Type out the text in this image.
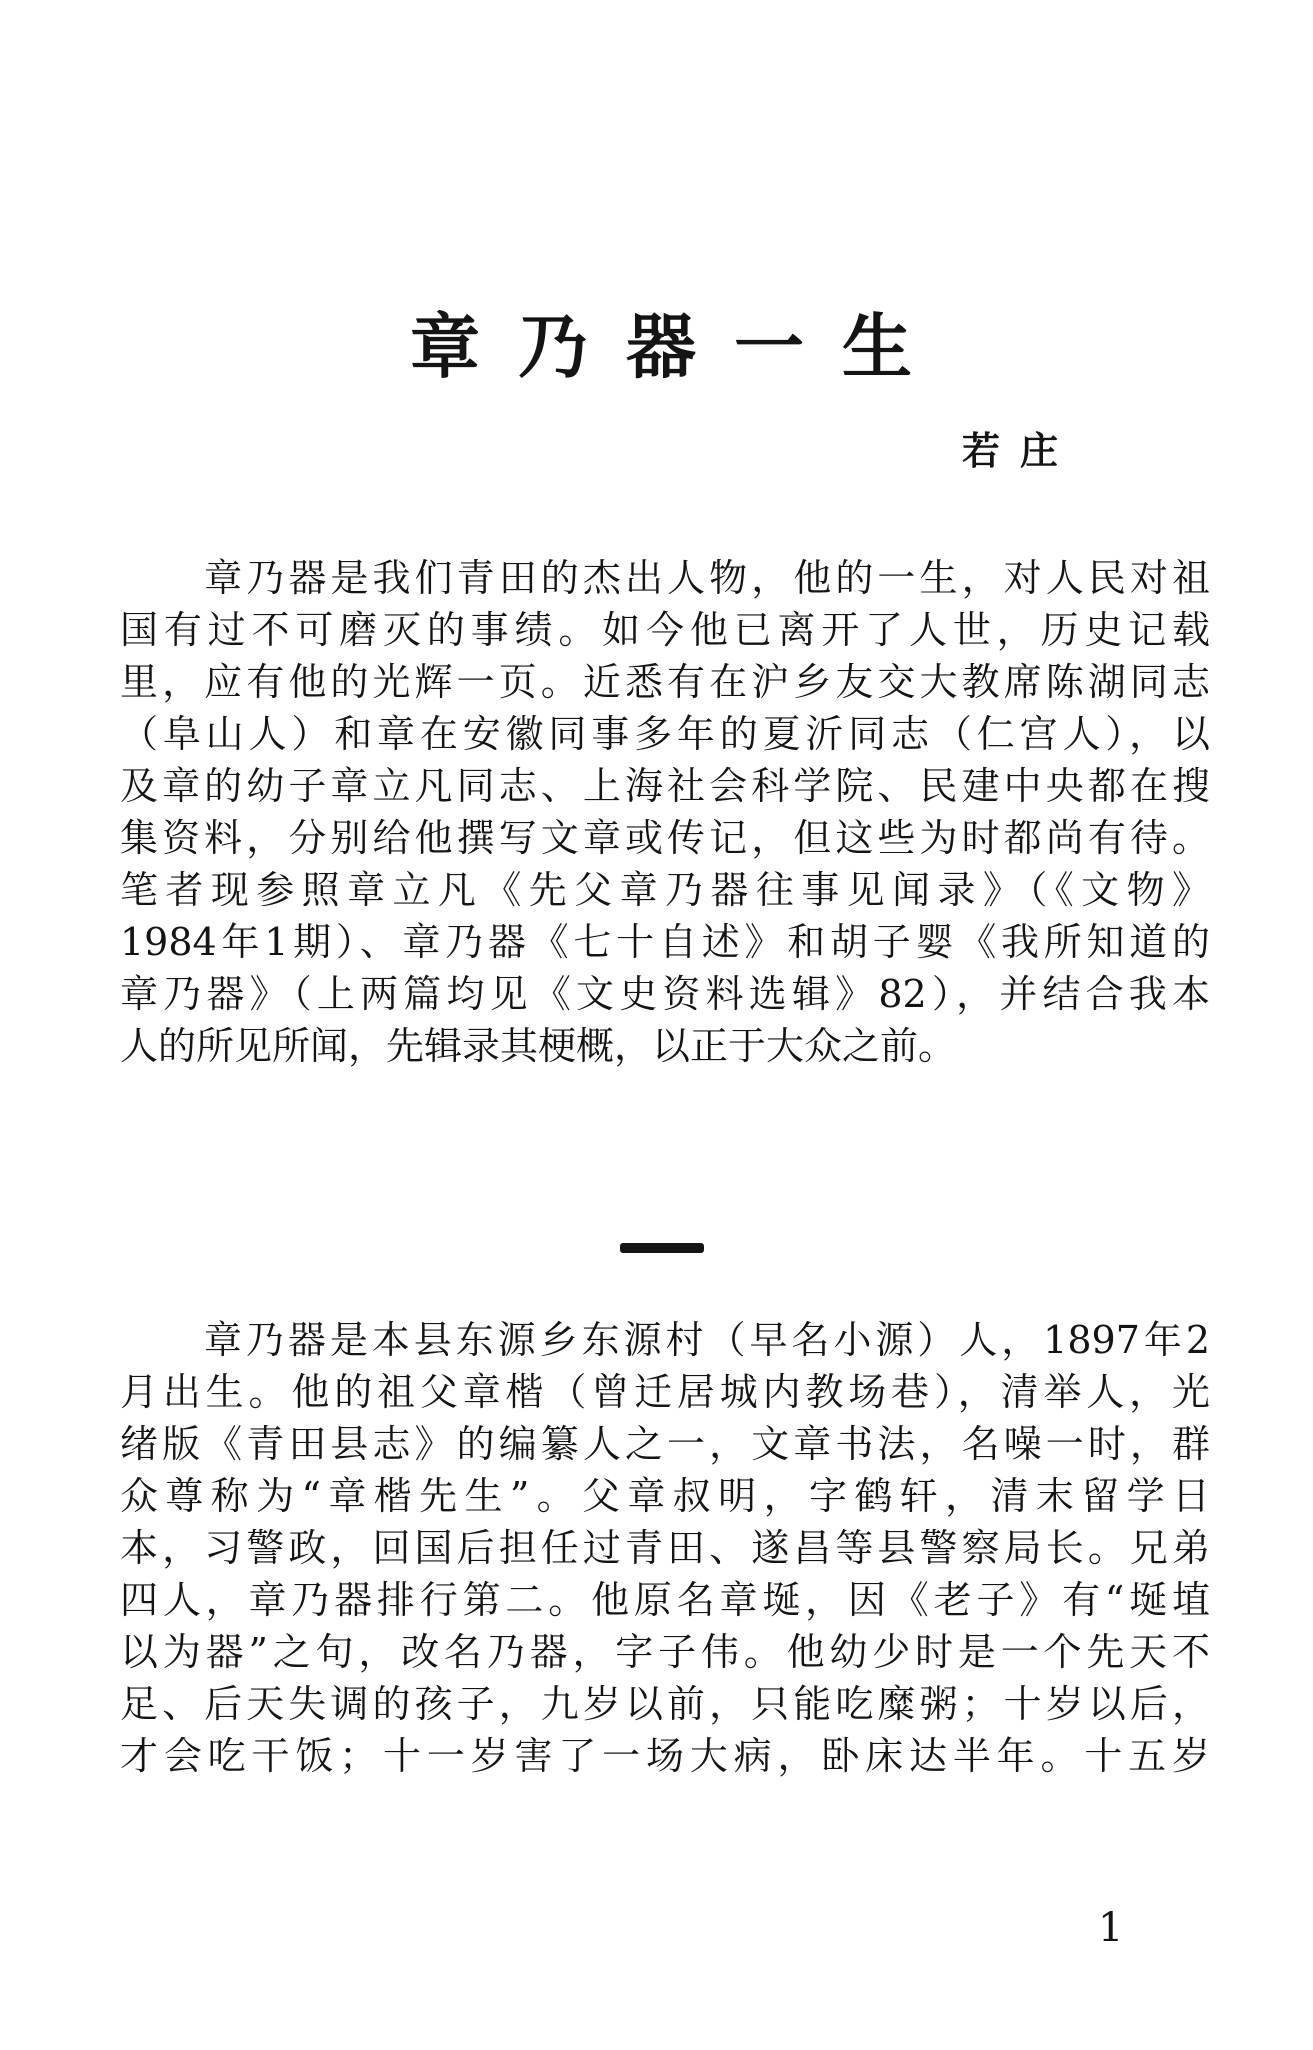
章乃器一生
若庄
　　章乃器是我们青田的杰出人物，他的一生，对人民对祖
国有过不可磨灭的事绩。如今他已离开了人世，历史记载
里，应有他的光辉一页。近悉有在沪乡友交大教席陈湖同志
（阜山人）和章在安徽同事多年的夏沂同志（仁宫人），以
及章的幼子章立凡同志、上海社会科学院、民建中央都在搜
集资料，分别给他撰写文章或传记，但这些为时都尚有待。
笔者现参照章立凡《先父章乃器往事见闻录》（《文物》
1984年1期）、章乃器《七十自述》和胡子婴《我所知道的
章乃器》（上两篇均见《文史资料选辑》82），并结合我本
人的所见所闻，先辑录其梗概，以正于大众之前。
　　章乃器是本县东源乡东源村（早名小源）人，1897年2
月出生。他的祖父章楷（曾迁居城内教场巷），清举人，光
绪版《青田县志》的编纂人之一，文章书法，名噪一时，群
众尊称为“章楷先生”。父章叔明，字鹤轩，清末留学日
本，习警政，回国后担任过青田、遂昌等县警察局长。兄弟
四人，章乃器排行第二。他原名章埏，因《老子》有“埏埴
以为器”之句，改名乃器，字子伟。他幼少时是一个先天不
足、后天失调的孩子，九岁以前，只能吃糜粥；十岁以后，
才会吃干饭；十一岁害了一场大病，卧床达半年。十五岁
1
